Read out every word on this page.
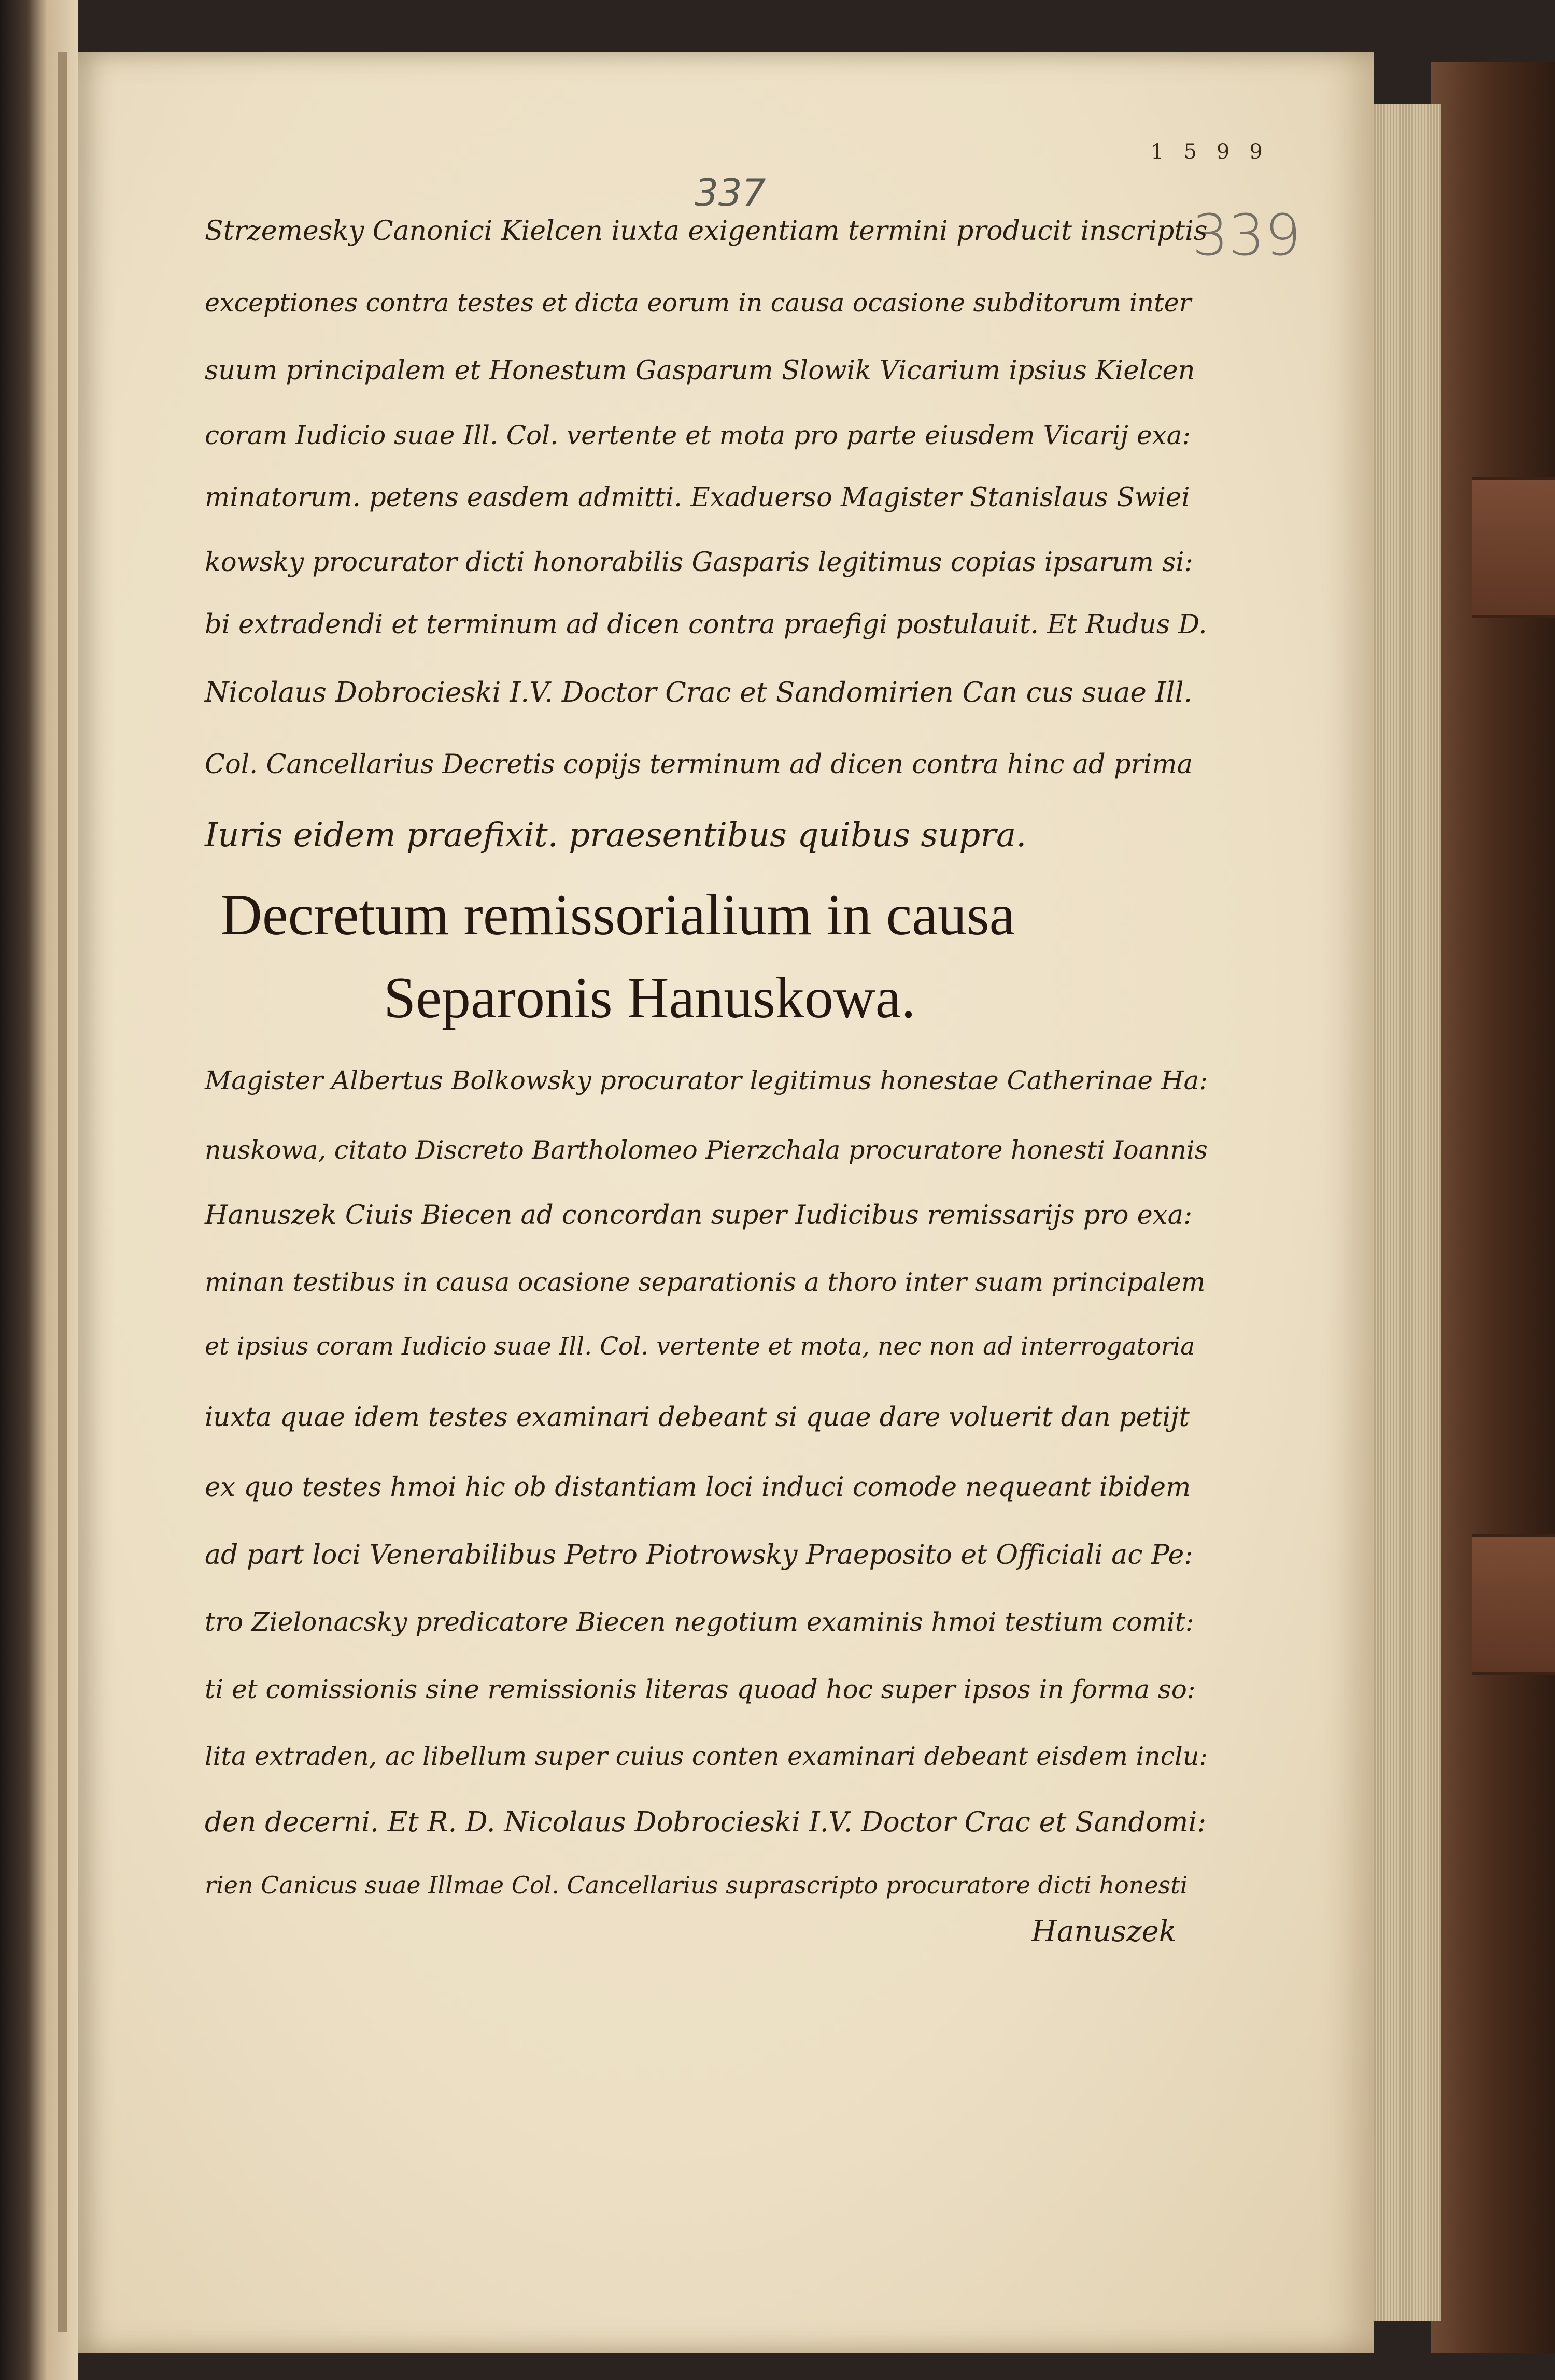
1599
337
339
Strzemesky Canonici Kielcen iuxta exigentiam termini producit inscriptis
exceptiones contra testes et dicta eorum in causa ocasione subditorum inter
suum principalem et Honestum Gasparum Slowik Vicarium ipsius Kielcen
coram Iudicio suae Ill. Col. vertente et mota pro parte eiusdem Vicarij exa:
minatorum. petens easdem admitti. Exaduerso Magister Stanislaus Swiei
kowsky procurator dicti honorabilis Gasparis legitimus copias ipsarum si:
bi extradendi et terminum ad dicen contra praefigi postulauit. Et Rudus D.
Nicolaus Dobrocieski I.V. Doctor Crac et Sandomirien Can cus suae Ill.
Col. Cancellarius Decretis copijs terminum ad dicen contra hinc ad prima
Iuris eidem praefixit. praesentibus quibus supra.
Decretum remissorialium in causa
Separonis Hanuskowa.
Magister Albertus Bolkowsky procurator legitimus honestae Catherinae Ha:
nuskowa, citato Discreto Bartholomeo Pierzchala procuratore honesti Ioannis
Hanuszek Ciuis Biecen ad concordan super Iudicibus remissarijs pro exa:
minan testibus in causa ocasione separationis a thoro inter suam principalem
et ipsius coram Iudicio suae Ill. Col. vertente et mota, nec non ad interrogatoria
iuxta quae idem testes examinari debeant si quae dare voluerit dan petijt
ex quo testes hmoi hic ob distantiam loci induci comode nequeant ibidem
ad part loci Venerabilibus Petro Piotrowsky Praeposito et Officiali ac Pe:
tro Zielonacsky predicatore Biecen negotium examinis hmoi testium comit:
ti et comissionis sine remissionis literas quoad hoc super ipsos in forma so:
lita extraden, ac libellum super cuius conten examinari debeant eisdem inclu:
den decerni. Et R. D. Nicolaus Dobrocieski I.V. Doctor Crac et Sandomi:
rien Canicus suae Illmae Col. Cancellarius suprascripto procuratore dicti honesti
Hanuszek
